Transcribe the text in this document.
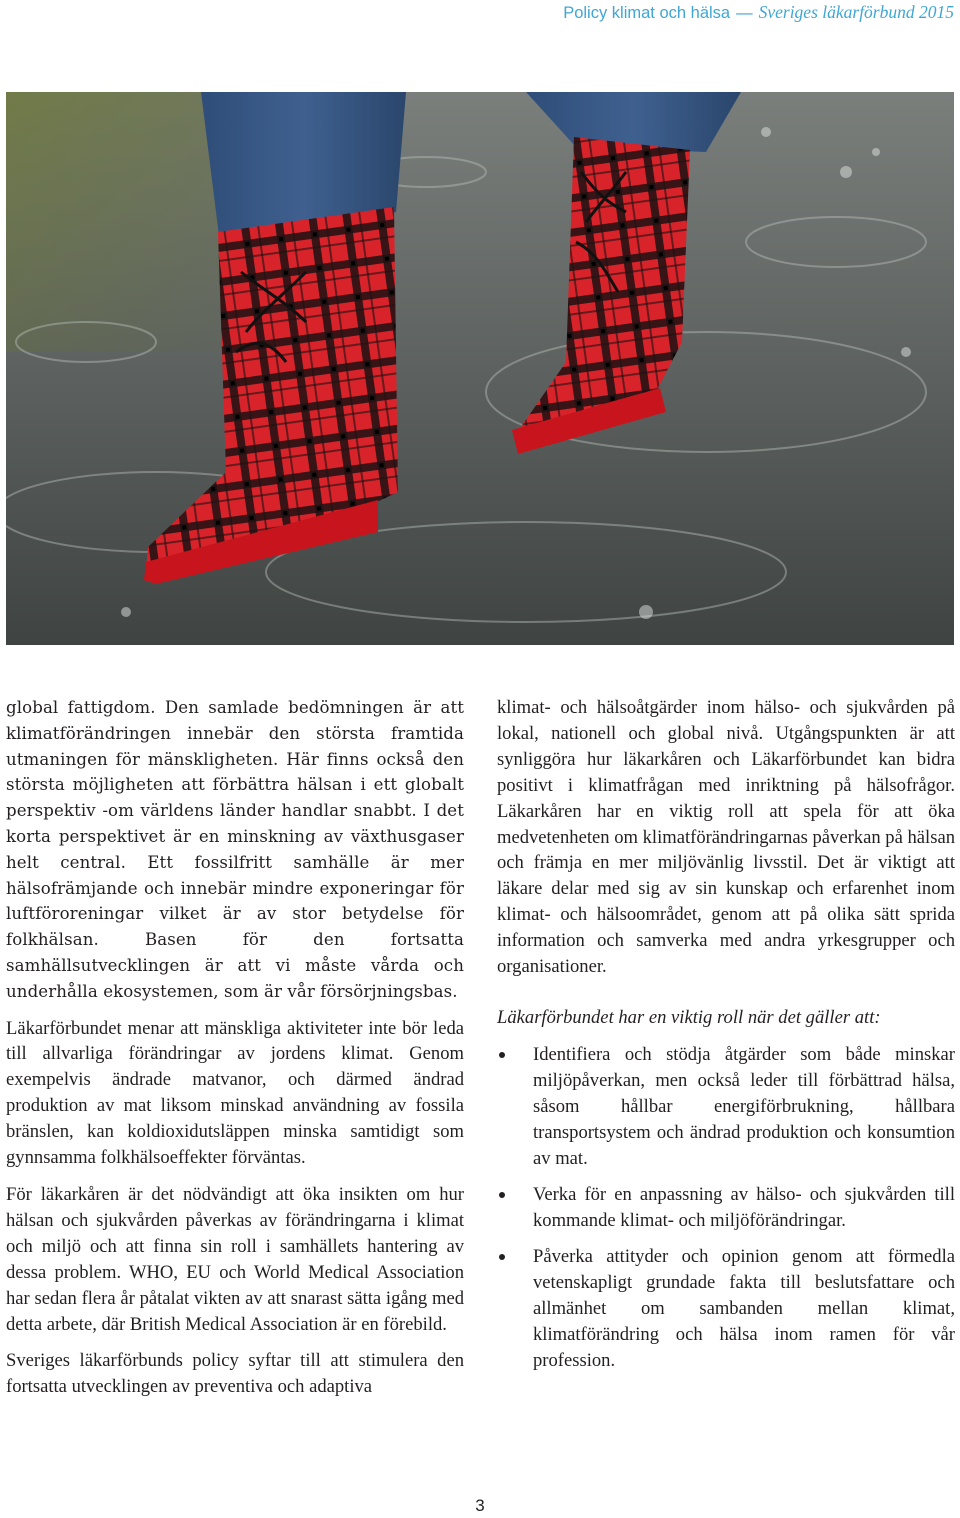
Policy klimat och hälsa — Sveriges läkarförbund 2015

global fattigdom. Den samlade bedömningen är att klimatförändringen innebär den största framtida utmaningen för mänskligheten. Här finns också den största möjligheten att förbättra hälsan i ett globalt perspektiv -om världens länder handlar snabbt. I det korta perspektivet är en minskning av växthusgaser helt central. Ett fossilfritt samhälle är mer hälsofrämjande och innebär mindre exponeringar för luftföroreningar vilket är av stor betydelse för folkhälsan. Basen för den fortsatta samhällsutvecklingen är att vi måste vårda och underhålla ekosystemen, som är vår försörjningsbas.

Läkarförbundet menar att mänskliga aktiviteter inte bör leda till allvarliga förändringar av jordens klimat. Genom exempelvis ändrade matvanor, och därmed ändrad produktion av mat liksom minskad användning av fossila bränslen, kan koldioxidutsläppen minska samtidigt som gynnsamma folkhälsoeffekter förväntas.

För läkarkåren är det nödvändigt att öka insikten om hur hälsan och sjukvården påverkas av förändringarna i klimat och miljö och att finna sin roll i samhällets hantering av dessa problem. WHO, EU och World Medical Association har sedan flera år påtalat vikten av att snarast sätta igång med detta arbete, där British Medical Association är en förebild.

Sveriges läkarförbunds policy syftar till att stimulera den fortsatta utvecklingen av preventiva och adaptiva

klimat- och hälsoåtgärder inom hälso- och sjukvården på lokal, nationell och global nivå. Utgångspunkten är att synliggöra hur läkarkåren och Läkarförbundet kan bidra positivt i klimatfrågan med inriktning på hälsofrågor. Läkarkåren har en viktig roll att spela för att öka medvetenheten om klimatförändringarnas påverkan på hälsan och främja en mer miljövänlig livsstil. Det är viktigt att läkare delar med sig av sin kunskap och erfarenhet inom klimat- och hälsoområdet, genom att på olika sätt sprida information och samverka med andra yrkesgrupper och organisationer.

Läkarförbundet har en viktig roll när det gäller att:

Identifiera och stödja åtgärder som både minskar miljöpåverkan, men också leder till förbättrad hälsa, såsom hållbar energiförbrukning, hållbara transportsystem och ändrad produktion och konsumtion av mat.
Verka för en anpassning av hälso- och sjukvården till kommande klimat- och miljöförändringar.
Påverka attityder och opinion genom att förmedla vetenskapligt grundade fakta till beslutsfattare och allmänhet om sambanden mellan klimat, klimatförändring och hälsa inom ramen för vår profession.
3
